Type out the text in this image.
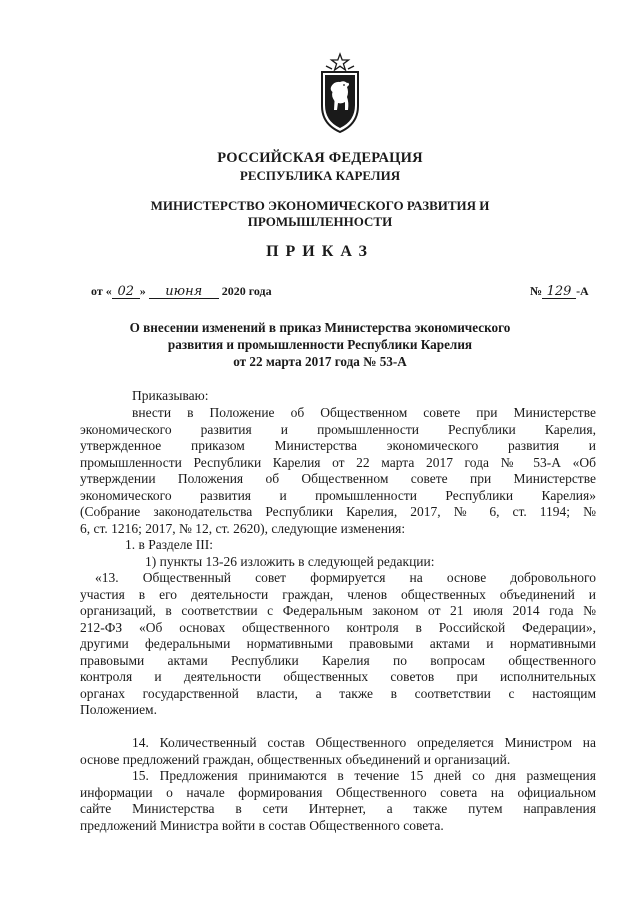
РОССИЙСКАЯ ФЕДЕРАЦИЯ
РЕСПУБЛИКА КАРЕЛИЯ
МИНИСТЕРСТВО ЭКОНОМИЧЕСКОГО РАЗВИТИЯ И
ПРОМЫШЛЕННОСТИ
ПРИКАЗ
от « 02 » июня 2020 года	№ 129 -А
О внесении изменений в приказ Министерства экономического
развития и промышленности Республики Карелия
от 22 марта 2017 года № 53-А

Приказываю:

внести в Положение об Общественном совете при Министерстве

экономического развития и промышленности Республики Карелия,

утвержденное приказом Министерства экономического развития и

промышленности Республики Карелия от 22 марта 2017 года № 53-А «Об

утверждении Положения об Общественном совете при Министерстве

экономического развития и промышленности Республики Карелия»

(Собрание законодательства Республики Карелия, 2017, № 6, ст. 1194; №

6, ст. 1216; 2017, № 12, ст. 2620), следующие изменения:

1. в Разделе III:

1) пункты 13-26 изложить в следующей редакции:

«13. Общественный совет формируется на основе добровольного

участия в его деятельности граждан, членов общественных объединений и

организаций, в соответствии с Федеральным законом от 21 июля 2014 года №

212-ФЗ «Об основах общественного контроля в Российской Федерации»,

другими федеральными нормативными правовыми актами и нормативными

правовыми актами Республики Карелия по вопросам общественного

контроля и деятельности общественных советов при исполнительных

органах государственной власти, а также в соответствии с настоящим

Положением.

14. Количественный состав Общественного определяется Министром на

основе предложений граждан, общественных объединений и организаций.

15. Предложения принимаются в течение 15 дней со дня размещения

информации о начале формирования Общественного совета на официальном

сайте Министерства в сети Интернет, а также путем направления

предложений Министра войти в состав Общественного совета.
